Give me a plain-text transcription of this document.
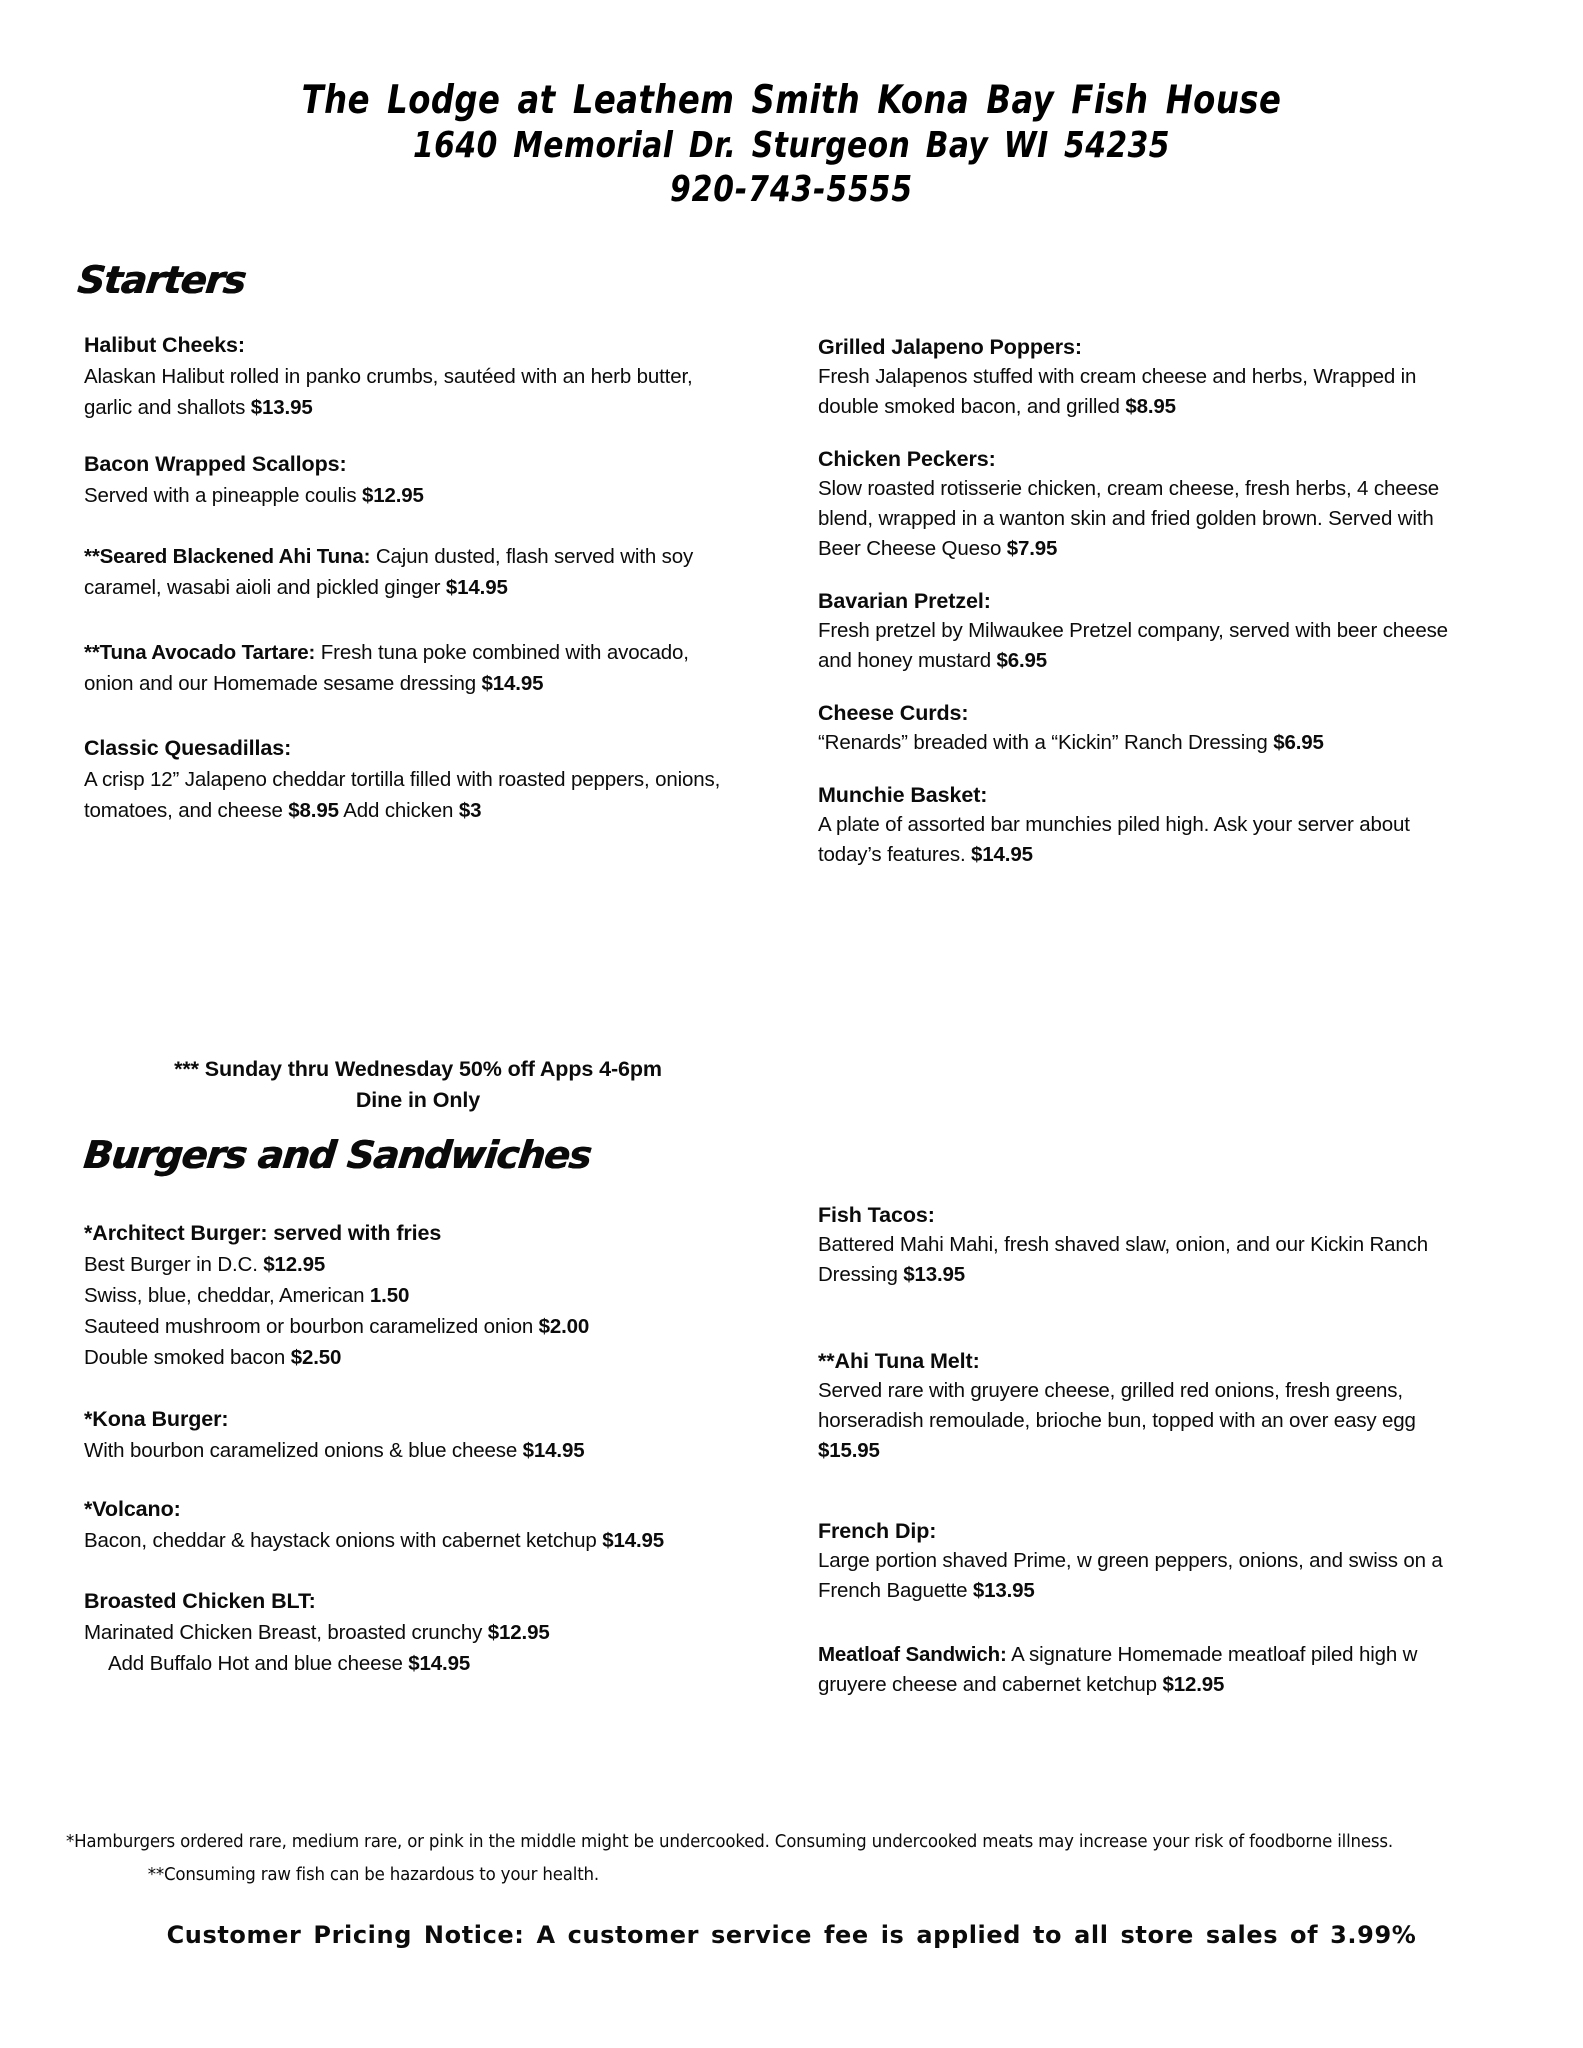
The Lodge at Leathem Smith Kona Bay Fish House
1640 Memorial Dr. Sturgeon Bay WI 54235
920-743-5555
Starters
Halibut Cheeks:
Alaskan Halibut rolled in panko crumbs, sautéed with an herb butter, garlic and shallots $13.95
Bacon Wrapped Scallops:
Served with a pineapple coulis $12.95
**Seared Blackened Ahi Tuna: Cajun dusted, flash served with soy caramel, wasabi aioli and pickled ginger $14.95
**Tuna Avocado Tartare: Fresh tuna poke combined with avocado, onion and our Homemade sesame dressing $14.95
Classic Quesadillas:
A crisp 12” Jalapeno cheddar tortilla filled with roasted peppers, onions, tomatoes, and cheese $8.95 Add chicken $3
Grilled Jalapeno Poppers:
Fresh Jalapenos stuffed with cream cheese and herbs, Wrapped in double smoked bacon, and grilled $8.95
Chicken Peckers:
Slow roasted rotisserie chicken, cream cheese, fresh herbs, 4 cheese blend, wrapped in a wanton skin and fried golden brown. Served with Beer Cheese Queso $7.95
Bavarian Pretzel:
Fresh pretzel by Milwaukee Pretzel company, served with beer cheese and honey mustard $6.95
Cheese Curds:
“Renards” breaded with a “Kickin” Ranch Dressing $6.95
Munchie Basket:
A plate of assorted bar munchies piled high. Ask your server about today’s features. $14.95
*** Sunday thru Wednesday 50% off Apps 4-6pm
Dine in Only
Burgers and Sandwiches
*Architect Burger: served with fries
Best Burger in D.C. $12.95
Swiss, blue, cheddar, American 1.50
Sauteed mushroom or bourbon caramelized onion $2.00
Double smoked bacon $2.50
*Kona Burger:
With bourbon caramelized onions & blue cheese $14.95
*Volcano:
Bacon, cheddar & haystack onions with cabernet ketchup $14.95
Broasted Chicken BLT:
Marinated Chicken Breast, broasted crunchy $12.95
Add Buffalo Hot and blue cheese $14.95
Fish Tacos:
Battered Mahi Mahi, fresh shaved slaw, onion, and our Kickin Ranch Dressing $13.95
**Ahi Tuna Melt:
Served rare with gruyere cheese, grilled red onions, fresh greens, horseradish remoulade, brioche bun, topped with an over easy egg $15.95
French Dip:
Large portion shaved Prime, w green peppers, onions, and swiss on a French Baguette $13.95
Meatloaf Sandwich: A signature Homemade meatloaf piled high w gruyere cheese and cabernet ketchup $12.95
*Hamburgers ordered rare, medium rare, or pink in the middle might be undercooked. Consuming undercooked meats may increase your risk of foodborne illness.**Consuming raw fish can be hazardous to your health.
Customer Pricing Notice: A customer service fee is applied to all store sales of 3.99%
